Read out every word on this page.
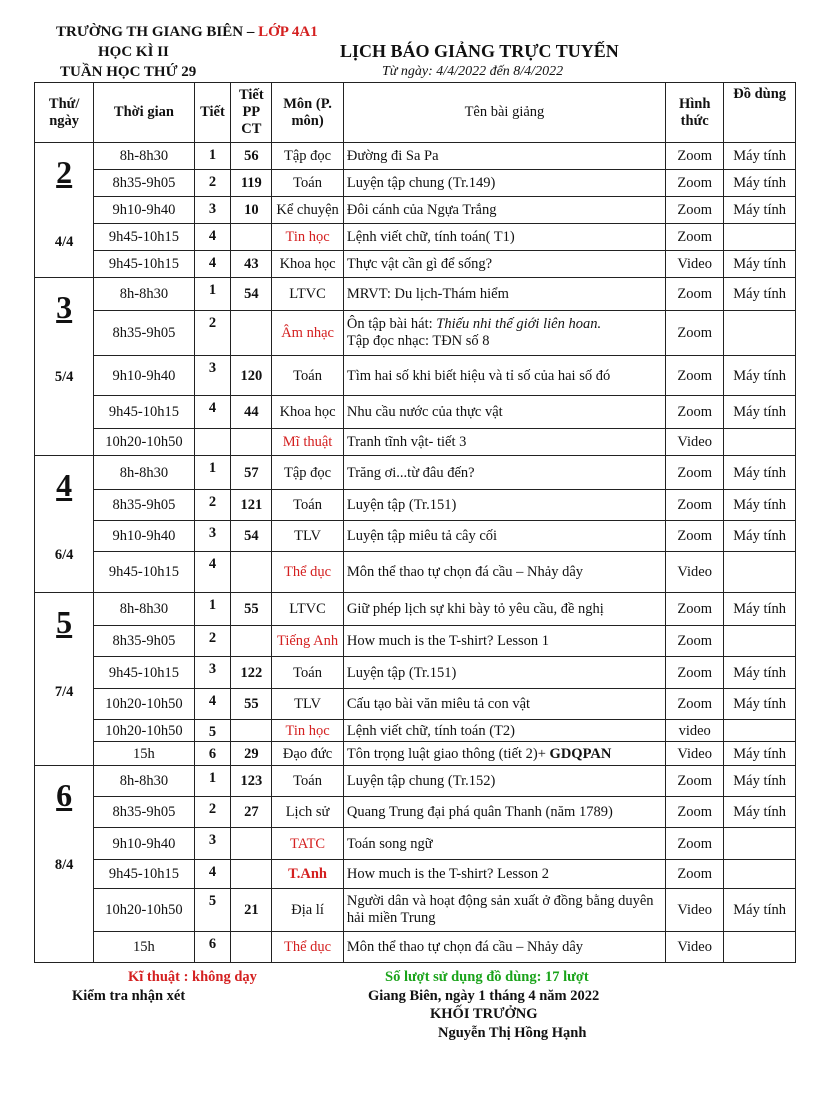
TRƯỜNG TH GIANG BIÊN – LỚP 4A1
HỌC KÌ II	LỊCH BÁO GIẢNG TRỰC TUYẾN
TUẦN HỌC THỨ 29	Từ ngày: 4/4/2022 đến 8/4/2022
Thứ/ ngày	Thời gian	Tiết	Tiết PP CT	Môn (P. môn)	Tên bài giảng	Hình thức	Đồ dùng

2
4/4	8h-8h30	1	56	Tập đọc	Đường đi Sa Pa	Zoom	Máy tính
	8h35-9h05	2	119	Toán	Luyện tập chung (Tr.149)	Zoom	Máy tính
	9h10-9h40	3	10	Kể chuyện	Đôi cánh của Ngựa Trắng	Zoom	Máy tính
	9h45-10h15	4		Tin học	Lệnh viết chữ, tính toán( T1)	Zoom	
	9h45-10h15	4	43	Khoa học	Thực vật cần gì để sống?	Video	Máy tính

3
5/4	8h-8h30	1	54	LTVC	MRVT: Du lịch-Thám hiểm	Zoom	Máy tính
	8h35-9h05	2		Âm nhạc	Ôn tập bài hát: Thiếu nhi thế giới liên hoan.
Tập đọc nhạc: TĐN số 8	Zoom	
	9h10-9h40	3	120	Toán	Tìm hai số khi biết hiệu và tỉ số của hai số đó	Zoom	Máy tính
	9h45-10h15	4	44	Khoa học	Nhu cầu nước của thực vật	Zoom	Máy tính
	10h20-10h50			Mĩ thuật	Tranh tĩnh vật- tiết 3	Video	

4
6/4	8h-8h30	1	57	Tập đọc	Trăng ơi...từ đâu đến?	Zoom	Máy tính
	8h35-9h05	2	121	Toán	Luyện tập (Tr.151)	Zoom	Máy tính
	9h10-9h40	3	54	TLV	Luyện tập miêu tả cây cối	Zoom	Máy tính
	9h45-10h15	4		Thể dục	Môn thể thao tự chọn đá cầu – Nhảy dây	Video	

5
7/4	8h-8h30	1	55	LTVC	Giữ phép lịch sự khi bày tỏ yêu cầu, đề nghị	Zoom	Máy tính
	8h35-9h05	2		Tiếng Anh	How much is the T-shirt? Lesson 1	Zoom	
	9h45-10h15	3	122	Toán	Luyện tập (Tr.151)	Zoom	Máy tính
	10h20-10h50	4	55	TLV	Cấu tạo bài văn miêu tả con vật	Zoom	Máy tính
	10h20-10h50	5		Tin học	Lệnh viết chữ, tính toán (T2)	video	
	15h	6	29	Đạo đức	Tôn trọng luật giao thông (tiết 2)+ GDQPAN	Video	Máy tính

6
8/4	8h-8h30	1	123	Toán	Luyện tập chung (Tr.152)	Zoom	Máy tính
	8h35-9h05	2	27	Lịch sử	Quang Trung đại phá quân Thanh (năm 1789)	Zoom	Máy tính
	9h10-9h40	3		TATC	Toán song ngữ	Zoom	
	9h45-10h15	4		T.Anh	How much is the T-shirt? Lesson 2	Zoom	
	10h20-10h50	5	21	Địa lí	Người dân và hoạt động sản xuất ở đồng bằng duyên hải miền Trung	Video	Máy tính
	15h	6		Thể dục	Môn thể thao tự chọn đá cầu – Nhảy dây	Video	
Kĩ thuật : không dạy	Số lượt sử dụng đồ dùng: 17 lượt
Kiểm tra nhận xét	Giang Biên, ngày 1 tháng 4 năm 2022
KHỐI TRƯỞNG
Nguyễn Thị Hồng Hạnh
